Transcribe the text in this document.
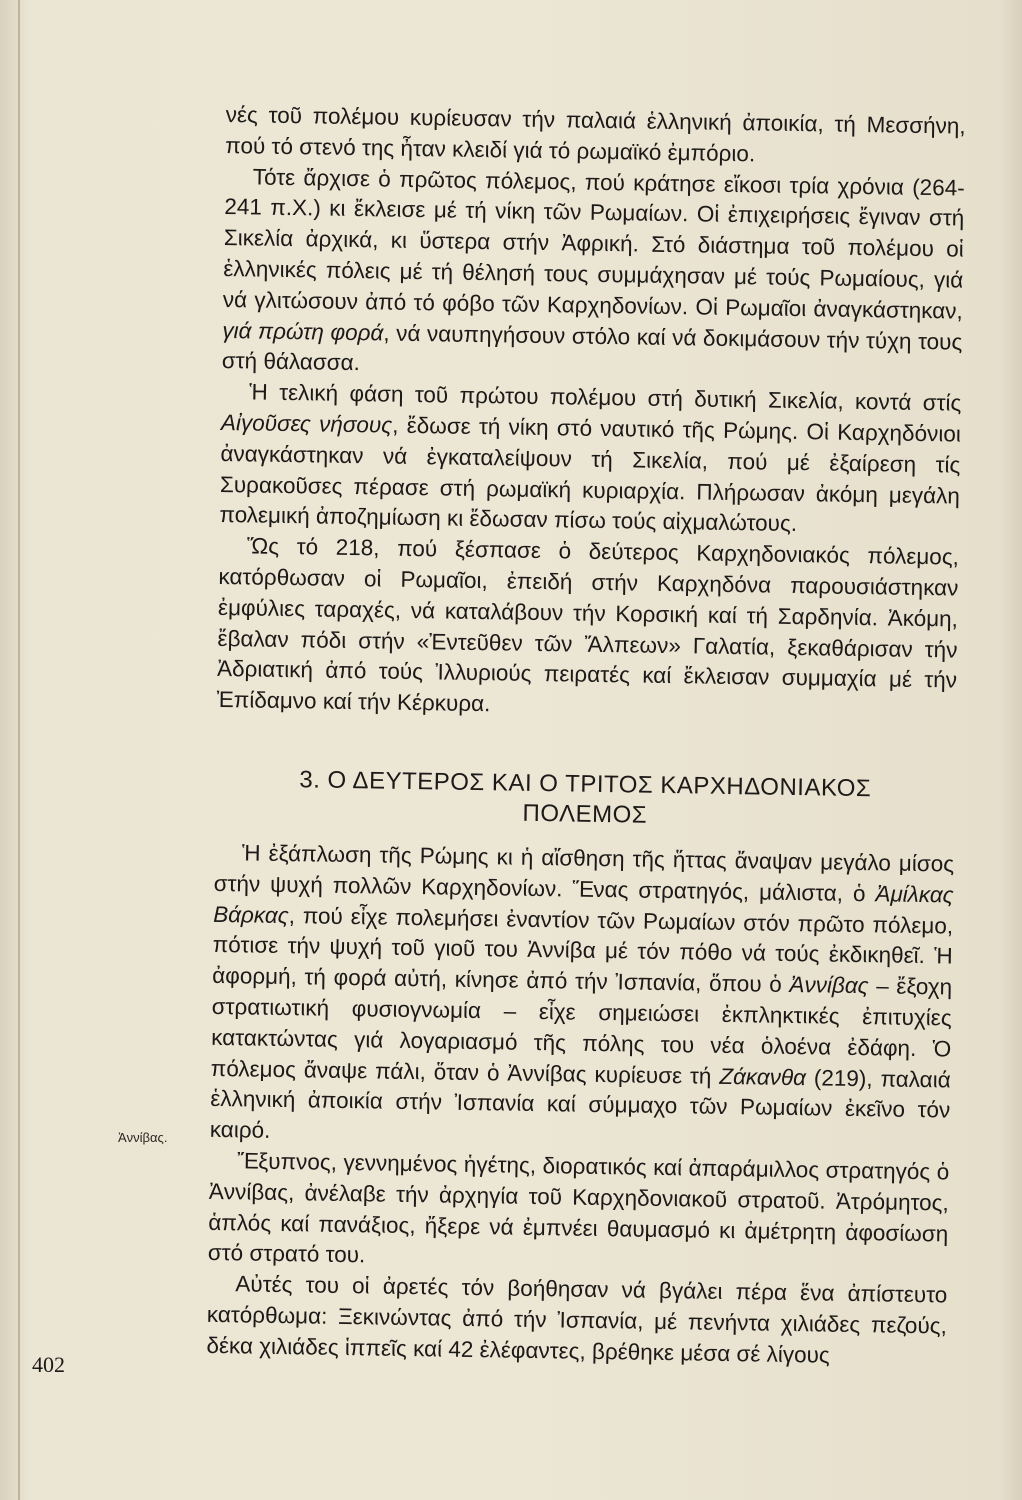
νές τοῦ πολέμου κυρίευσαν τήν παλαιά ἑλληνική ἀποικία, τή Μεσσήνη, πού τό στενό της ἦταν κλειδί γιά τό ρωμαϊκό ἐμπόριο.

Τότε ἄρχισε ὁ πρῶτος πόλεμος, πού κράτησε εἴκοσι τρία χρόνια (264-241 π.Χ.) κι ἔκλεισε μέ τή νίκη τῶν Ρωμαίων. Οἱ ἐπιχειρήσεις ἔγιναν στή Σικελία ἀρχικά, κι ὕστερα στήν Ἀφρική. Στό διάστημα τοῦ πολέμου οἱ ἑλληνικές πόλεις μέ τή θέλησή τους συμμάχησαν μέ τούς Ρωμαίους, γιά νά γλιτώσουν ἀπό τό φόβο τῶν Καρχηδονίων. Οἱ Ρωμαῖοι ἀναγκάστηκαν, γιά πρώτη φορά, νά ναυπηγήσουν στόλο καί νά δοκιμάσουν τήν τύχη τους στή θάλασσα.

Ἡ τελική φάση τοῦ πρώτου πολέμου στή δυτική Σικελία, κοντά στίς Αἰγοῦσες νήσους, ἔδωσε τή νίκη στό ναυτικό τῆς Ρώμης. Οἱ Καρχηδόνιοι ἀναγκάστηκαν νά ἐγκαταλείψουν τή Σικελία, πού μέ ἐξαίρεση τίς Συρακοῦσες πέρασε στή ρωμαϊκή κυριαρχία. Πλήρωσαν ἀκόμη μεγάλη πολεμική ἀποζημίωση κι ἔδωσαν πίσω τούς αἰχμαλώτους.

Ὥς τό 218, πού ξέσπασε ὁ δεύτερος Καρχηδονιακός πόλεμος, κατόρθωσαν οἱ Ρωμαῖοι, ἐπειδή στήν Καρχηδόνα παρουσιάστηκαν ἐμφύλιες ταραχές, νά καταλάβουν τήν Κορσική καί τή Σαρδηνία. Ἀκόμη, ἔβαλαν πόδι στήν «Ἐντεῦθεν τῶν Ἄλπεων» Γαλατία, ξεκαθάρισαν τήν Ἀδριατική ἀπό τούς Ἰλλυριούς πειρατές καί ἔκλεισαν συμμαχία μέ τήν Ἐπίδαμνο καί τήν Κέρκυρα.

3. Ο ΔΕΥΤΕΡΟΣ ΚΑΙ Ο ΤΡΙΤΟΣ ΚΑΡΧΗΔΟΝΙΑΚΟΣ
ΠΟΛΕΜΟΣ

Ἡ ἐξάπλωση τῆς Ρώμης κι ἡ αἴσθηση τῆς ἥττας ἄναψαν μεγάλο μίσος στήν ψυχή πολλῶν Καρχηδονίων. Ἕνας στρατηγός, μάλιστα, ὁ Ἀμίλκας Βάρκας, πού εἶχε πολεμήσει ἐναντίον τῶν Ρωμαίων στόν πρῶτο πόλεμο, πότισε τήν ψυχή τοῦ γιοῦ του Ἀννίβα μέ τόν πόθο νά τούς ἐκδικηθεῖ. Ἡ ἀφορμή, τή φορά αὐτή, κίνησε ἀπό τήν Ἰσπανία, ὅπου ὁ Ἀννίβας – ἔξοχη στρατιωτική φυσιογνωμία – εἶχε σημειώσει ἐκπληκτικές ἐπιτυχίες κατακτώντας γιά λογαριασμό τῆς πόλης του νέα ὁλοένα ἐδάφη. Ὁ πόλεμος ἄναψε πάλι, ὅταν ὁ Ἀννίβας κυρίευσε τή Ζάκανθα (219), παλαιά ἑλληνική ἀποικία στήν Ἰσπανία καί σύμμαχο τῶν Ρωμαίων ἐκεῖνο τόν καιρό.

Ἔξυπνος, γεννημένος ἡγέτης, διορατικός καί ἀπαράμιλλος στρατηγός ὁ Ἀννίβας, ἀνέλαβε τήν ἀρχηγία τοῦ Καρχηδονιακοῦ στρατοῦ. Ἀτρόμητος, ἁπλός καί πανάξιος, ἤξερε νά ἐμπνέει θαυμασμό κι ἀμέτρητη ἀφοσίωση στό στρατό του.

Αὐτές του οἱ ἀρετές τόν βοήθησαν νά βγάλει πέρα ἕνα ἀπίστευτο κατόρθωμα: Ξεκινώντας ἀπό τήν Ἰσπανία, μέ πενήντα χιλιάδες πεζούς, δέκα χιλιάδες ἱππεῖς καί 42 ἐλέφαντες, βρέθηκε μέσα σέ λίγους

Ἀννίβας.
402
